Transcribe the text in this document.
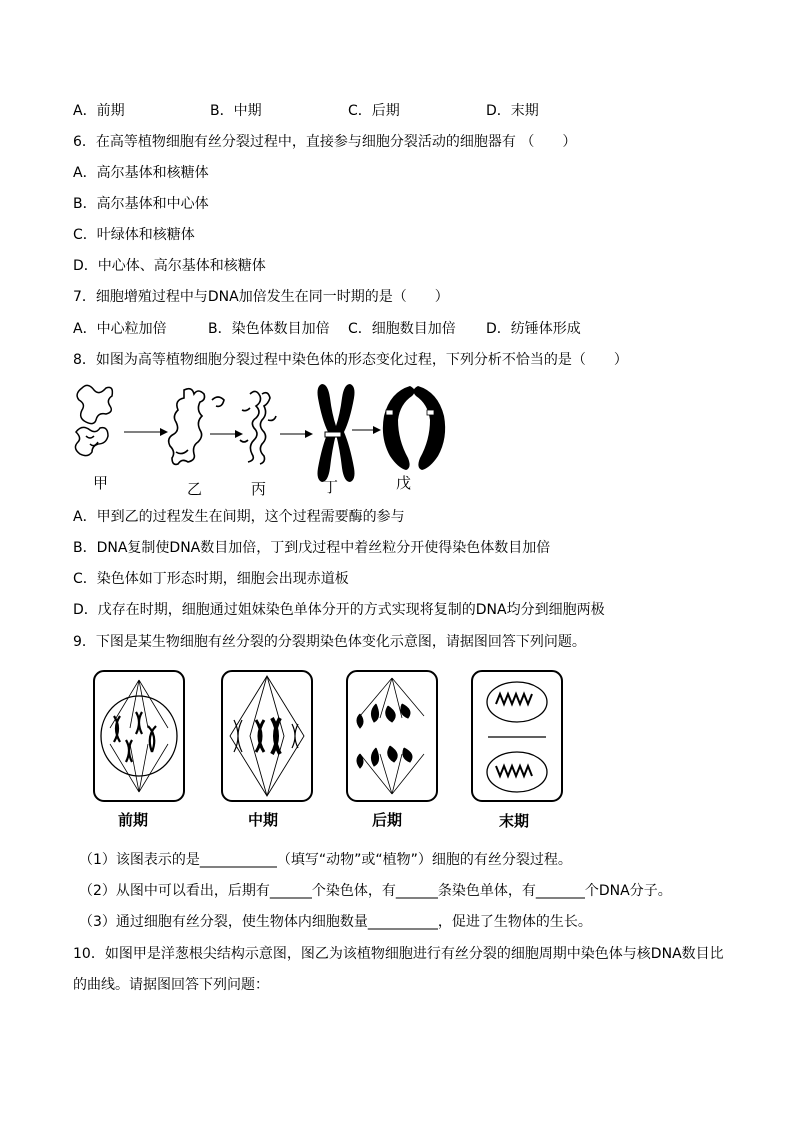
A．前期	B．中期	C．后期	D．末期
6．在高等植物细胞有丝分裂过程中，直接参与细胞分裂活动的细胞器有 （　　）
A．高尔基体和核糖体
B．高尔基体和中心体
C．叶绿体和核糖体
D．中心体、高尔基体和核糖体
7．细胞增殖过程中与DNA加倍发生在同一时期的是（　　）
A．中心粒加倍	B．染色体数目加倍 C．细胞数目加倍 D．纺锤体形成
8．如图为高等植物细胞分裂过程中染色体的形态变化过程，下列分析不恰当的是（　　）
甲	乙	丙	丁	戊
A．甲到乙的过程发生在间期，这个过程需要酶的参与
B．DNA复制使DNA数目加倍，丁到戊过程中着丝粒分开使得染色体数目加倍
C．染色体如丁形态时期，细胞会出现赤道板
D．戊存在时期，细胞通过姐妹染色单体分开的方式实现将复制的DNA均分到细胞两极
9．下图是某生物细胞有丝分裂的分裂期染色体变化示意图，请据图回答下列问题。
前期	中期	后期	末期
（1）该图表示的是___________（填写“动物”或“植物”）细胞的有丝分裂过程。
（2）从图中可以看出，后期有______个染色体，有______条染色单体，有_______个DNA分子。
（3）通过细胞有丝分裂，使生物体内细胞数量__________，促进了生物体的生长。
10．如图甲是洋葱根尖结构示意图，图乙为该植物细胞进行有丝分裂的细胞周期中染色体与核DNA数目比
的曲线。请据图回答下列问题：
